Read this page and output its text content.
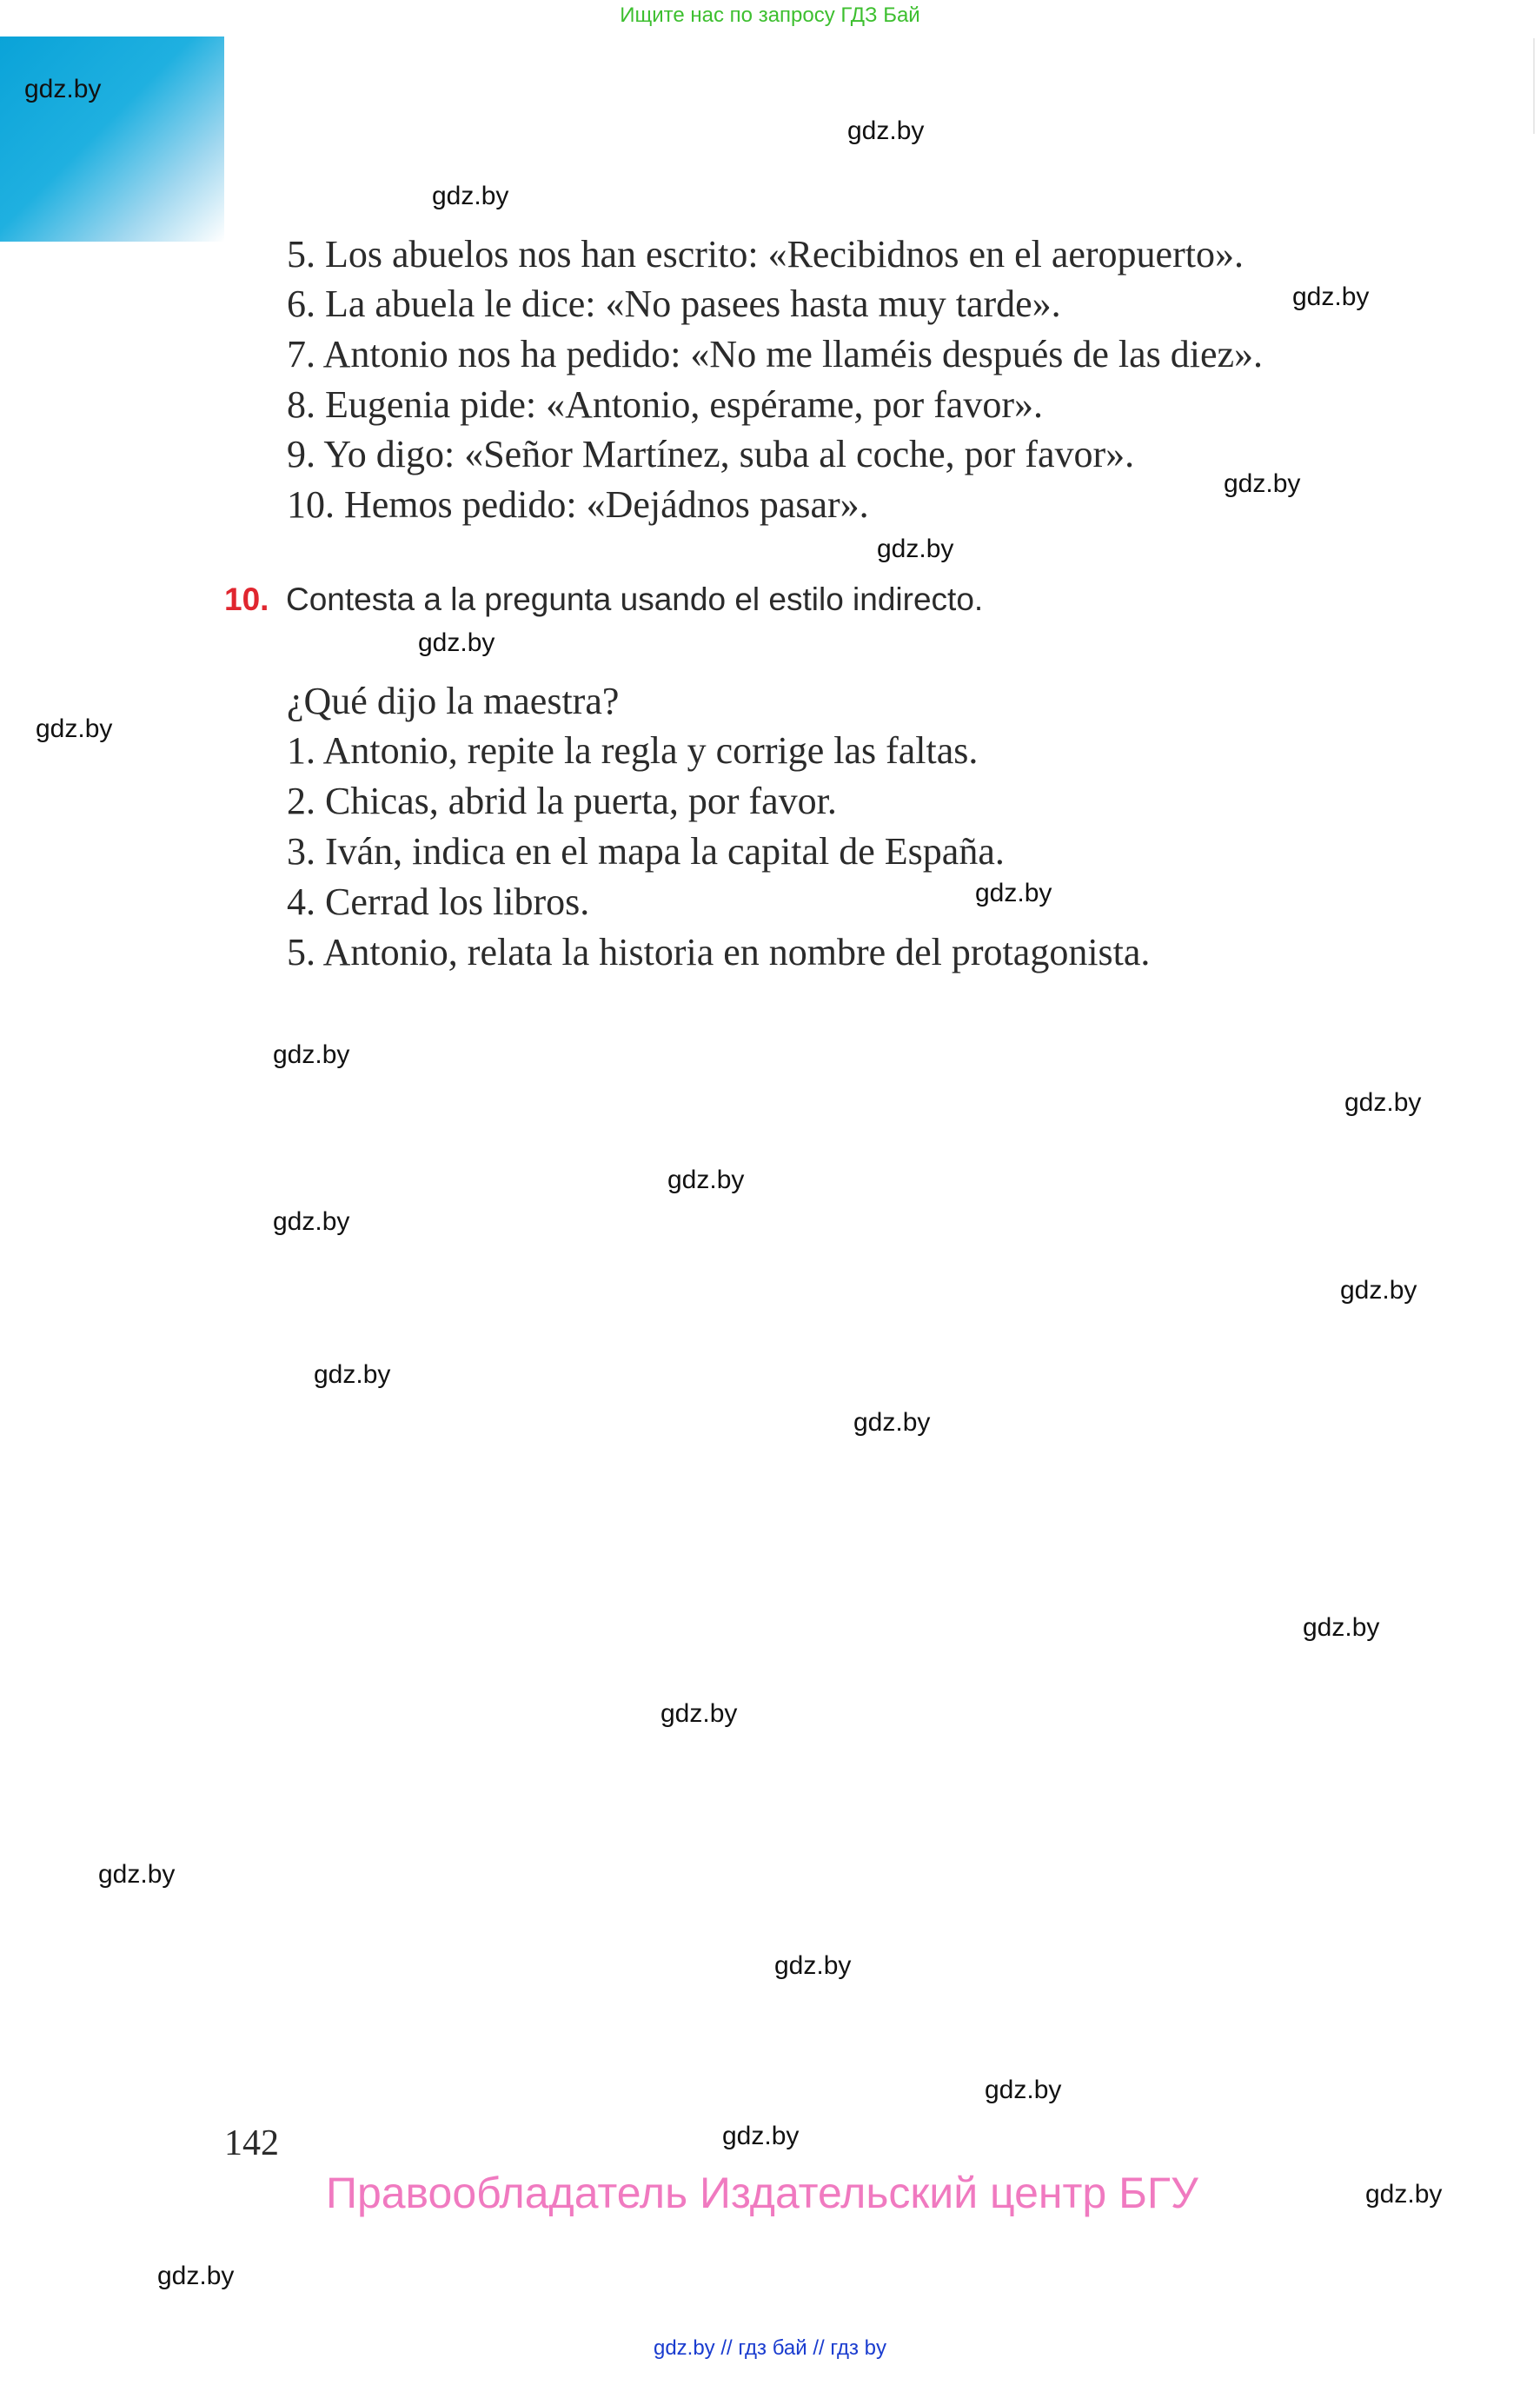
Ищите нас по запросу ГДЗ Бай
gdz.by
gdz.by
gdz.by
gdz.by
gdz.by
gdz.by
gdz.by
gdz.by
gdz.by
gdz.by
gdz.by
gdz.by
gdz.by
gdz.by
gdz.by
gdz.by
gdz.by
gdz.by
gdz.by
gdz.by
gdz.by
gdz.by
gdz.by
gdz.by
5. Los abuelos nos han escrito: «Recibidnos en el aeropuerto».
6. La abuela le dice: «No pasees hasta muy tarde».
7. Antonio nos ha pedido: «No me llaméis después de las diez».
8. Eugenia pide: «Antonio, espérame, por favor».
9. Yo digo: «Señor Martínez, suba al coche, por favor».
10. Hemos pedido: «Dejádnos pasar».
10. Contesta a la pregunta usando el estilo indirecto.
¿Qué dijo la maestra?
1. Antonio, repite la regla y corrige las faltas.
2. Chicas, abrid la puerta, por favor.
3. Iván, indica en el mapa la capital de España.
4. Cerrad los libros.
5. Antonio, relata la historia en nombre del protagonista.
142
Правообладатель Издательский центр БГУ
gdz.by // гдз бай // гдз by
